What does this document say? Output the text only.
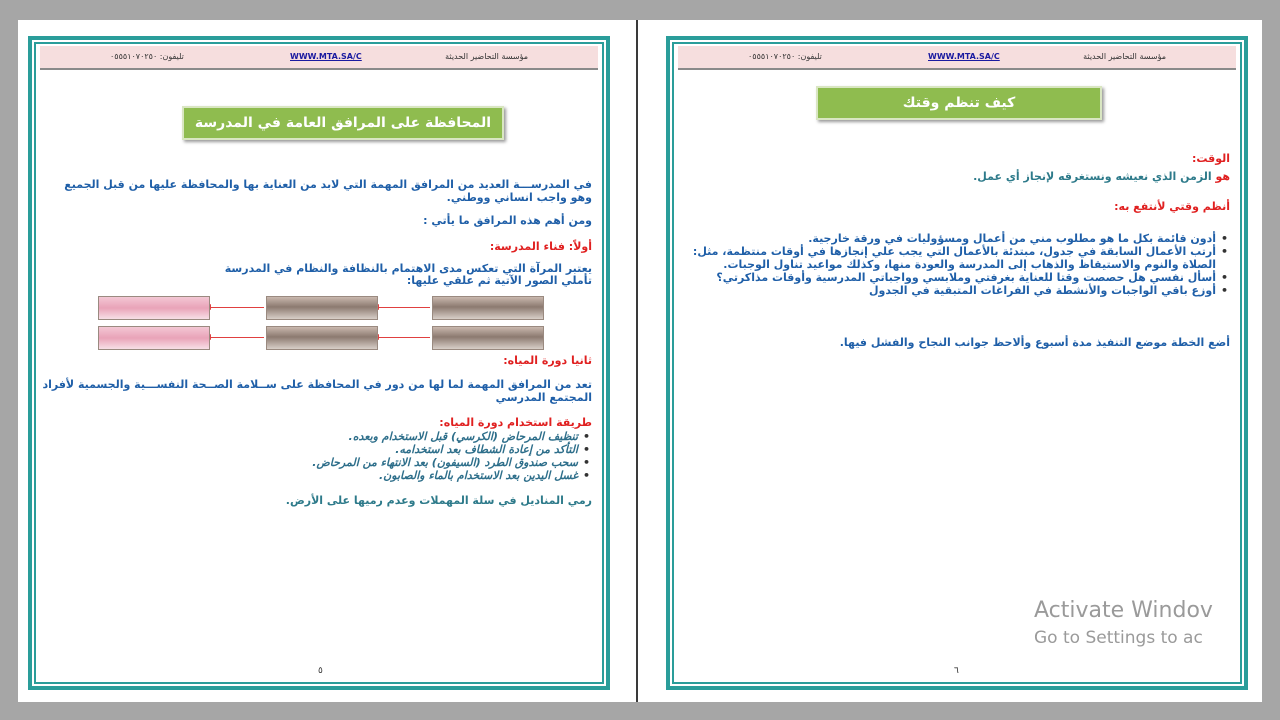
مؤسسة التحاضير الحديثة
WWW.MTA.SA/C
تليفون: ٠٥٥٥١٠٧٠٢٥٠
المحافظة على المرافق العامة في المدرسة
في المدرســـة العديد من المرافق المهمة التي لابد من العناية بها والمحافظة عليها من قبل الجميع وهو واجب انساني ووطني.
ومن أهم هذه المرافق ما يأتي :
أولاً: فناء المدرسة:
يعتبر المرآة التي تعكس مدى الاهتمام بالنظافة والنظام في المدرسة
تأملي الصور الآتية ثم علقي عليها:
ثانيا دورة المياه:
تعد من المرافق المهمة لما لها من دور في المحافظة على ســلامة الصــحة النفســـية والجسمية لأفراد المجتمع المدرسي
طريقة استخدام دورة المياه:
• تنظيف المرحاض (الكرسي) قبل الاستخدام وبعده.
• التأكد من إعادة الشطاف بعد استخدامه.
• سحب صندوق الطرد (السيفون) بعد الانتهاء من المرحاض.
• غسل اليدين بعد الاستخدام بالماء والصابون.
رمي المناديل في سلة المهملات وعدم رميها على الأرض.
٥
مؤسسة التحاضير الحديثة
WWW.MTA.SA/C
تليفون: ٠٥٥٥١٠٧٠٢٥٠
كيف تنظم وقتك
الوقت:
هو الزمن الذي نعيشه ونستغرقه لإنجاز أي عمل.
أنظم وقتي لأنتفع به:
• أدون قائمة بكل ما هو مطلوب مني من أعمال ومسؤوليات في ورقة خارجية.
• أرتب الأعمال السابقة في جدول، مبتدئة بالأعمال التي يجب علي إنجازها في أوقات منتظمة، مثل: الصلاة والنوم والاستيقاظ والذهاب إلى المدرسة والعودة منها، وكذلك مواعيد تناول الوجبات.
• أسأل نفسي هل حصصت وقتا للعناية بغرفتي وملابسي وواجباتي المدرسية وأوقات مذاكرتي؟
• أوزع باقي الواجبات والأنشطة في الفراغات المتبقية في الجدول
أضع الخطة موضع التنفيذ مدة أسبوع وألاحظ جوانب النجاح والفشل فيها.
٦
Activate Windov
Go to Settings to ac
